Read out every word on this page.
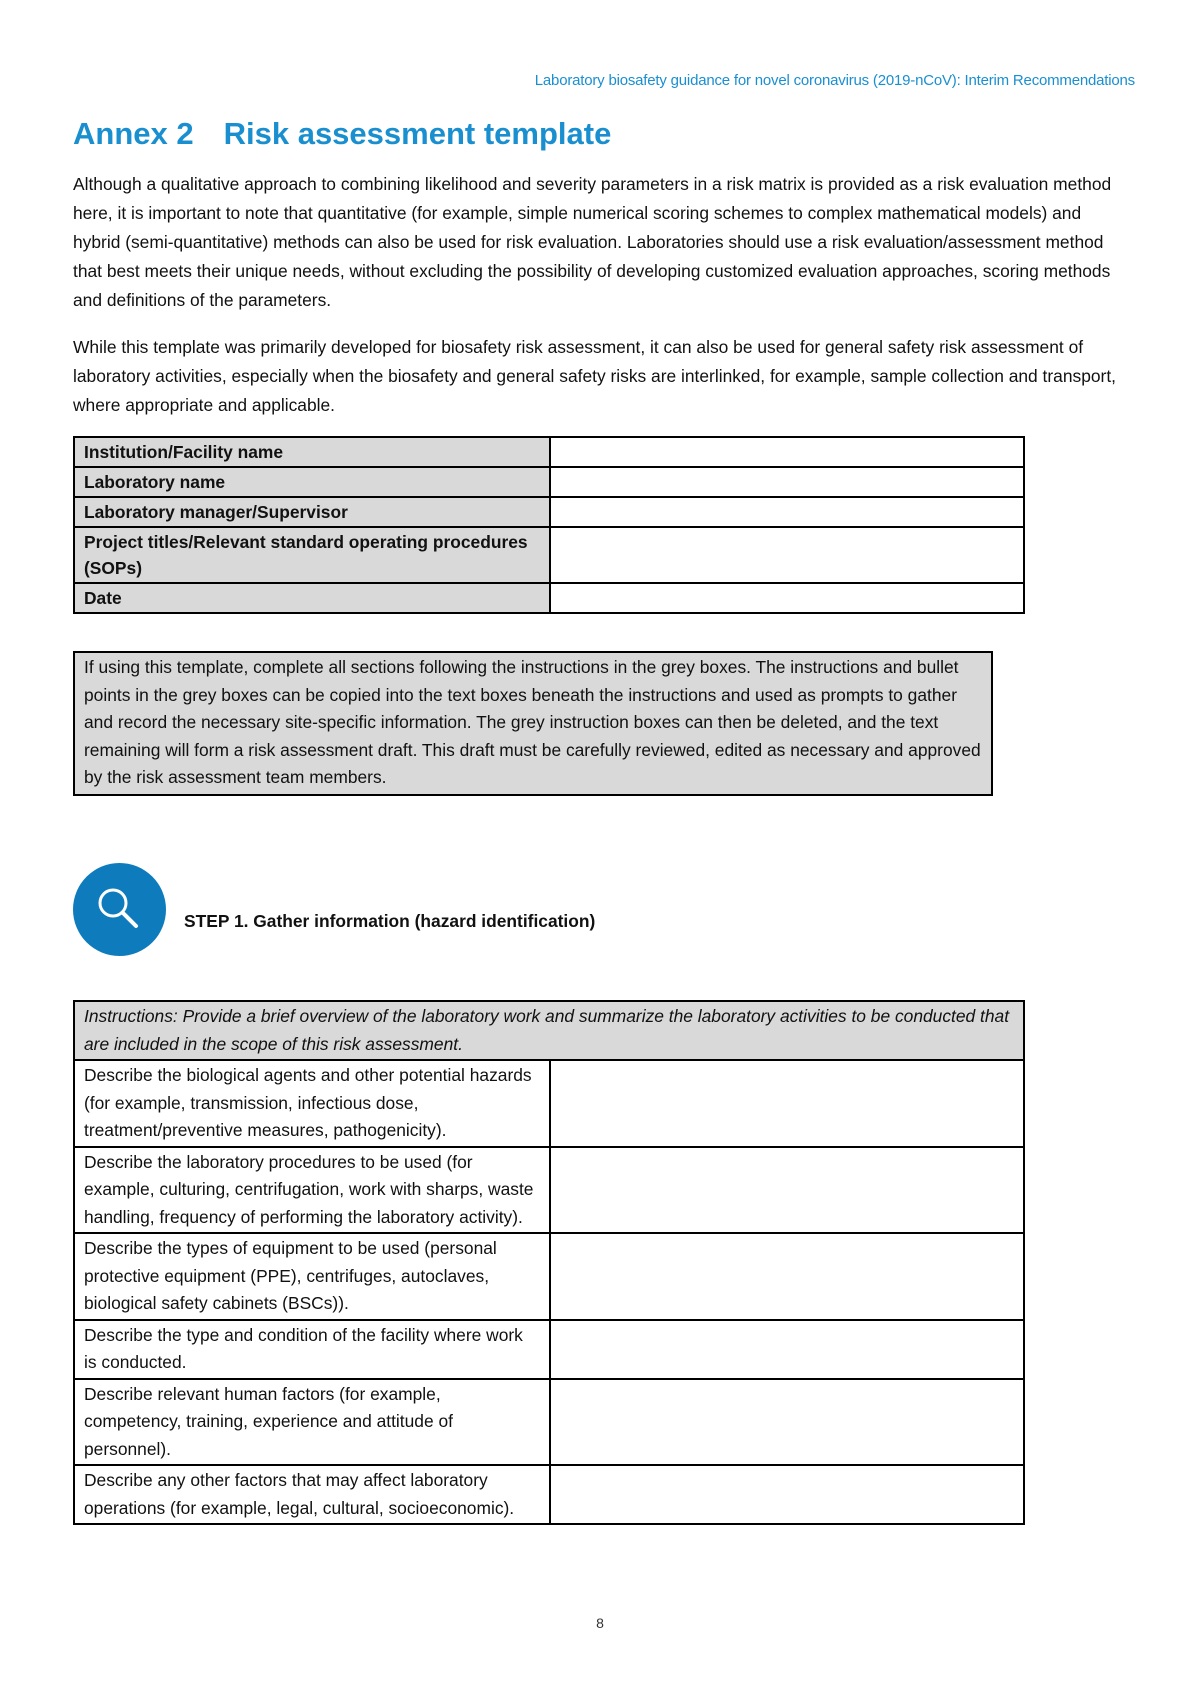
Laboratory biosafety guidance for novel coronavirus (2019-nCoV): Interim Recommendations
Annex 2 Risk assessment template

Although a qualitative approach to combining likelihood and severity parameters in a risk matrix is provided as a risk evaluation method here, it is important to note that quantitative (for example, simple numerical scoring schemes to complex mathematical models) and hybrid (semi-quantitative) methods can also be used for risk evaluation. Laboratories should use a risk evaluation/assessment method that best meets their unique needs, without excluding the possibility of developing customized evaluation approaches, scoring methods and definitions of the parameters.

While this template was primarily developed for biosafety risk assessment, it can also be used for general safety risk assessment of laboratory activities, especially when the biosafety and general safety risks are interlinked, for example, sample collection and transport, where appropriate and applicable.

Institution/Facility name	
Laboratory name	
Laboratory manager/Supervisor	
Project titles/Relevant standard operating procedures (SOPs)	
Date	
If using this template, complete all sections following the instructions in the grey boxes. The instructions and bullet points in the grey boxes can be copied into the text boxes beneath the instructions and used as prompts to gather and record the necessary site-specific information. The grey instruction boxes can then be deleted, and the text remaining will form a risk assessment draft. This draft must be carefully reviewed, edited as necessary and approved by the risk assessment team members.
STEP 1. Gather information (hazard identification)
Instructions: Provide a brief overview of the laboratory work and summarize the laboratory activities to be conducted that are included in the scope of this risk assessment.	
Describe the biological agents and other potential hazards (for example, transmission, infectious dose, treatment/preventive measures, pathogenicity).	
Describe the laboratory procedures to be used (for example, culturing, centrifugation, work with sharps, waste handling, frequency of performing the laboratory activity).	
Describe the types of equipment to be used (personal protective equipment (PPE), centrifuges, autoclaves, biological safety cabinets (BSCs)).	
Describe the type and condition of the facility where work is conducted.	
Describe relevant human factors (for example, competency, training, experience and attitude of personnel).	
Describe any other factors that may affect laboratory operations (for example, legal, cultural, socioeconomic).	
8
